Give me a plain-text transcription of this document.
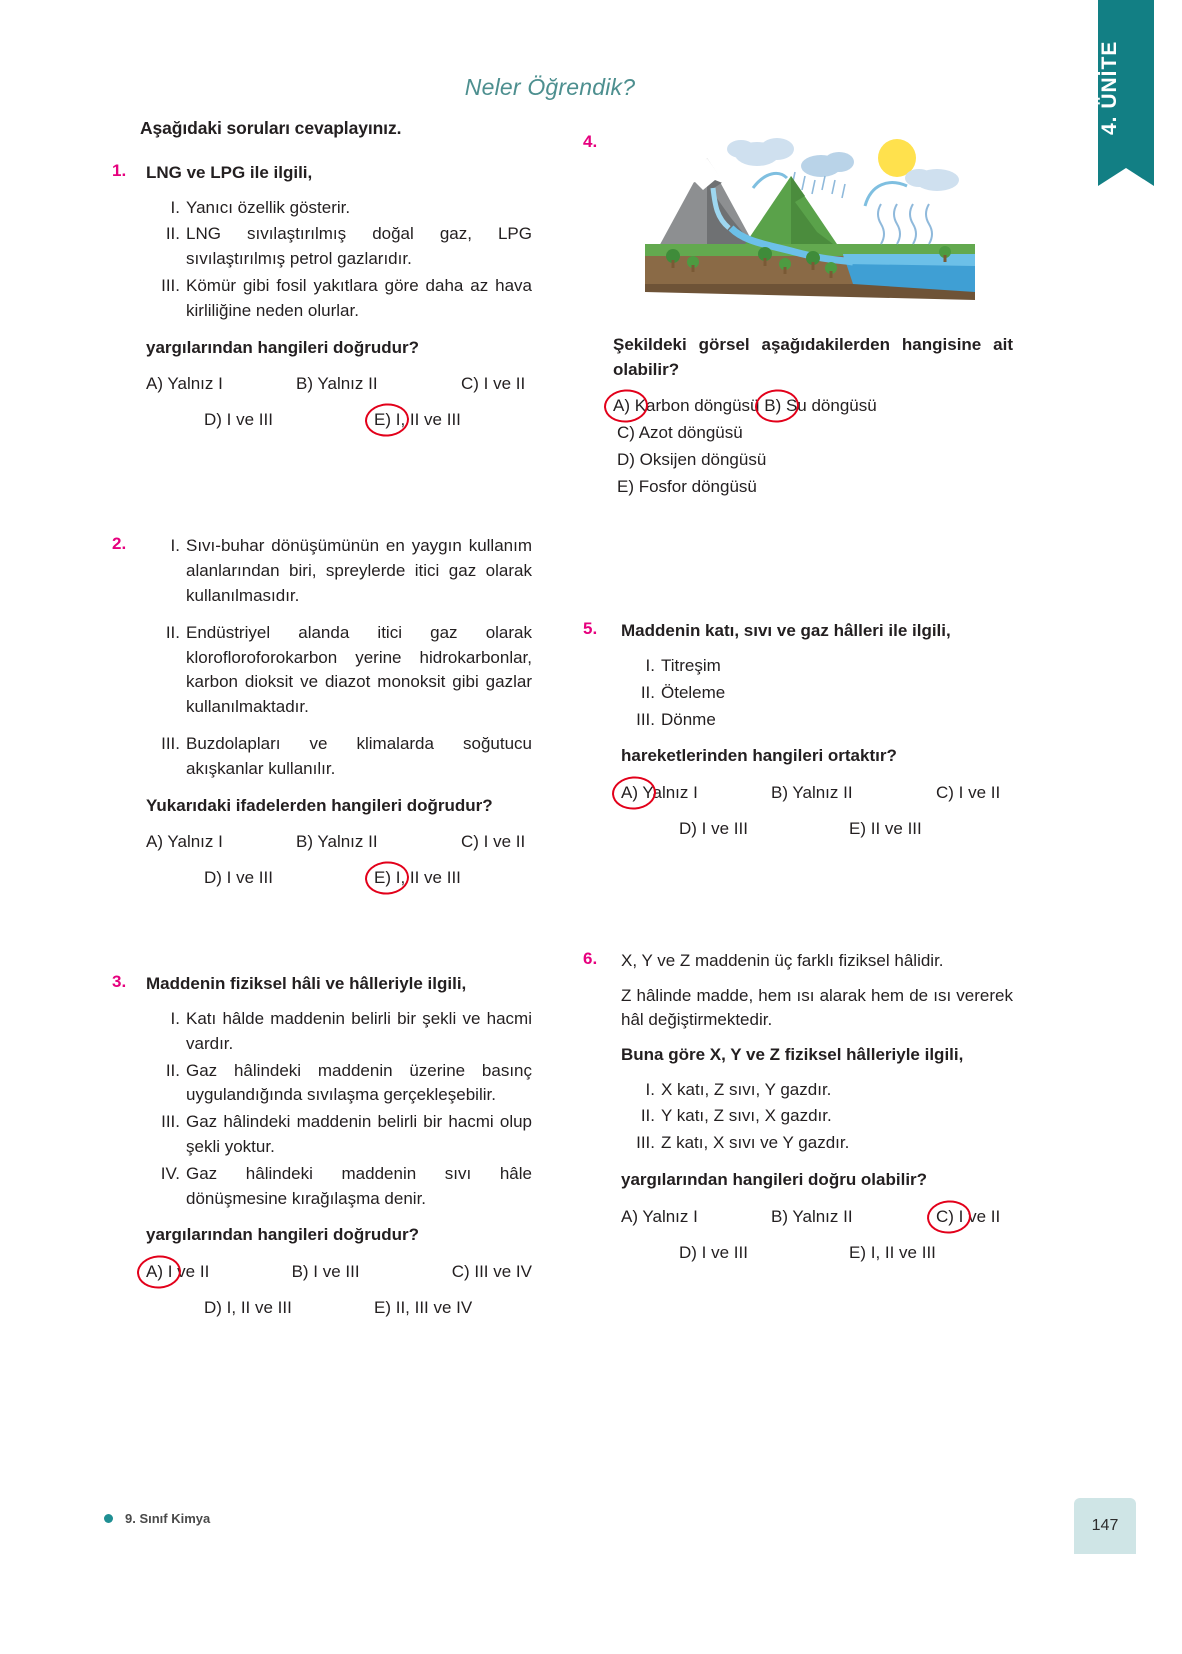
4. ÜNİTE
Neler Öğrendik?

Aşağıdaki soruları cevaplayınız.

1.	LNG ve LPG ile ilgili,

I. Yanıcı özellik gösterir.
II. LNG sıvılaştırılmış doğal gaz, LPG sıvılaştırılmış petrol gazlarıdır.
III. Kömür gibi fosil yakıtlara göre daha az hava kirliliğine neden olurlar.

yargılarından hangileri doğrudur?

A) Yalnız I	B) Yalnız II	C) I ve II
D) I ve III	E) I, II ve III
2.	I. Sıvı-buhar dönüşümünün en yaygın kullanım alanlarından biri, spreylerde itici gaz olarak kullanılmasıdır.
II. Endüstriyel alanda itici gaz olarak klorofloroforokarbon yerine hidrokarbonlar, karbon dioksit ve diazot monoksit gibi gazlar kullanılmaktadır.
III. Buzdolapları ve klimalarda soğutucu akışkanlar kullanılır.

Yukarıdaki ifadelerden hangileri doğrudur?

A) Yalnız I	B) Yalnız II	C) I ve II
D) I ve III	E) I, II ve III
3.	Maddenin fiziksel hâli ve hâlleriyle ilgili,

I. Katı hâlde maddenin belirli bir şekli ve hacmi vardır.
II. Gaz hâlindeki maddenin üzerine basınç uygulandığında sıvılaşma gerçekleşebilir.
III. Gaz hâlindeki maddenin belirli bir hacmi olup şekli yoktur.
IV. Gaz hâlindeki maddenin sıvı hâle dönüşmesine kırağılaşma denir.

yargılarından hangileri doğrudur?

A) I ve II	B) I ve III	C) III ve IV
D) I, II ve III	E) II, III ve IV
4.

Şekildeki görsel aşağıdakilerden hangisine ait olabilir?

A) Karbon döngüsü B) Su döngüsü
C) Azot döngüsü
D) Oksijen döngüsü
E) Fosfor döngüsü
5.	Maddenin katı, sıvı ve gaz hâlleri ile ilgili,

I. Titreşim
II. Öteleme
III. Dönme

hareketlerinden hangileri ortaktır?

A) Yalnız I	B) Yalnız II	C) I ve II
D) I ve III	E) II ve III
6.	X, Y ve Z maddenin üç farklı fiziksel hâlidir.

Z hâlinde madde, hem ısı alarak hem de ısı vererek hâl değiştirmektedir.

Buna göre X, Y ve Z fiziksel hâlleriyle ilgili,

I. X katı, Z sıvı, Y gazdır.
II. Y katı, Z sıvı, X gazdır.
III. Z katı, X sıvı ve Y gazdır.

yargılarından hangileri doğru olabilir?

A) Yalnız I	B) Yalnız II	C) I ve II
D) I ve III	E) I, II ve III
9. Sınıf Kimya	147
